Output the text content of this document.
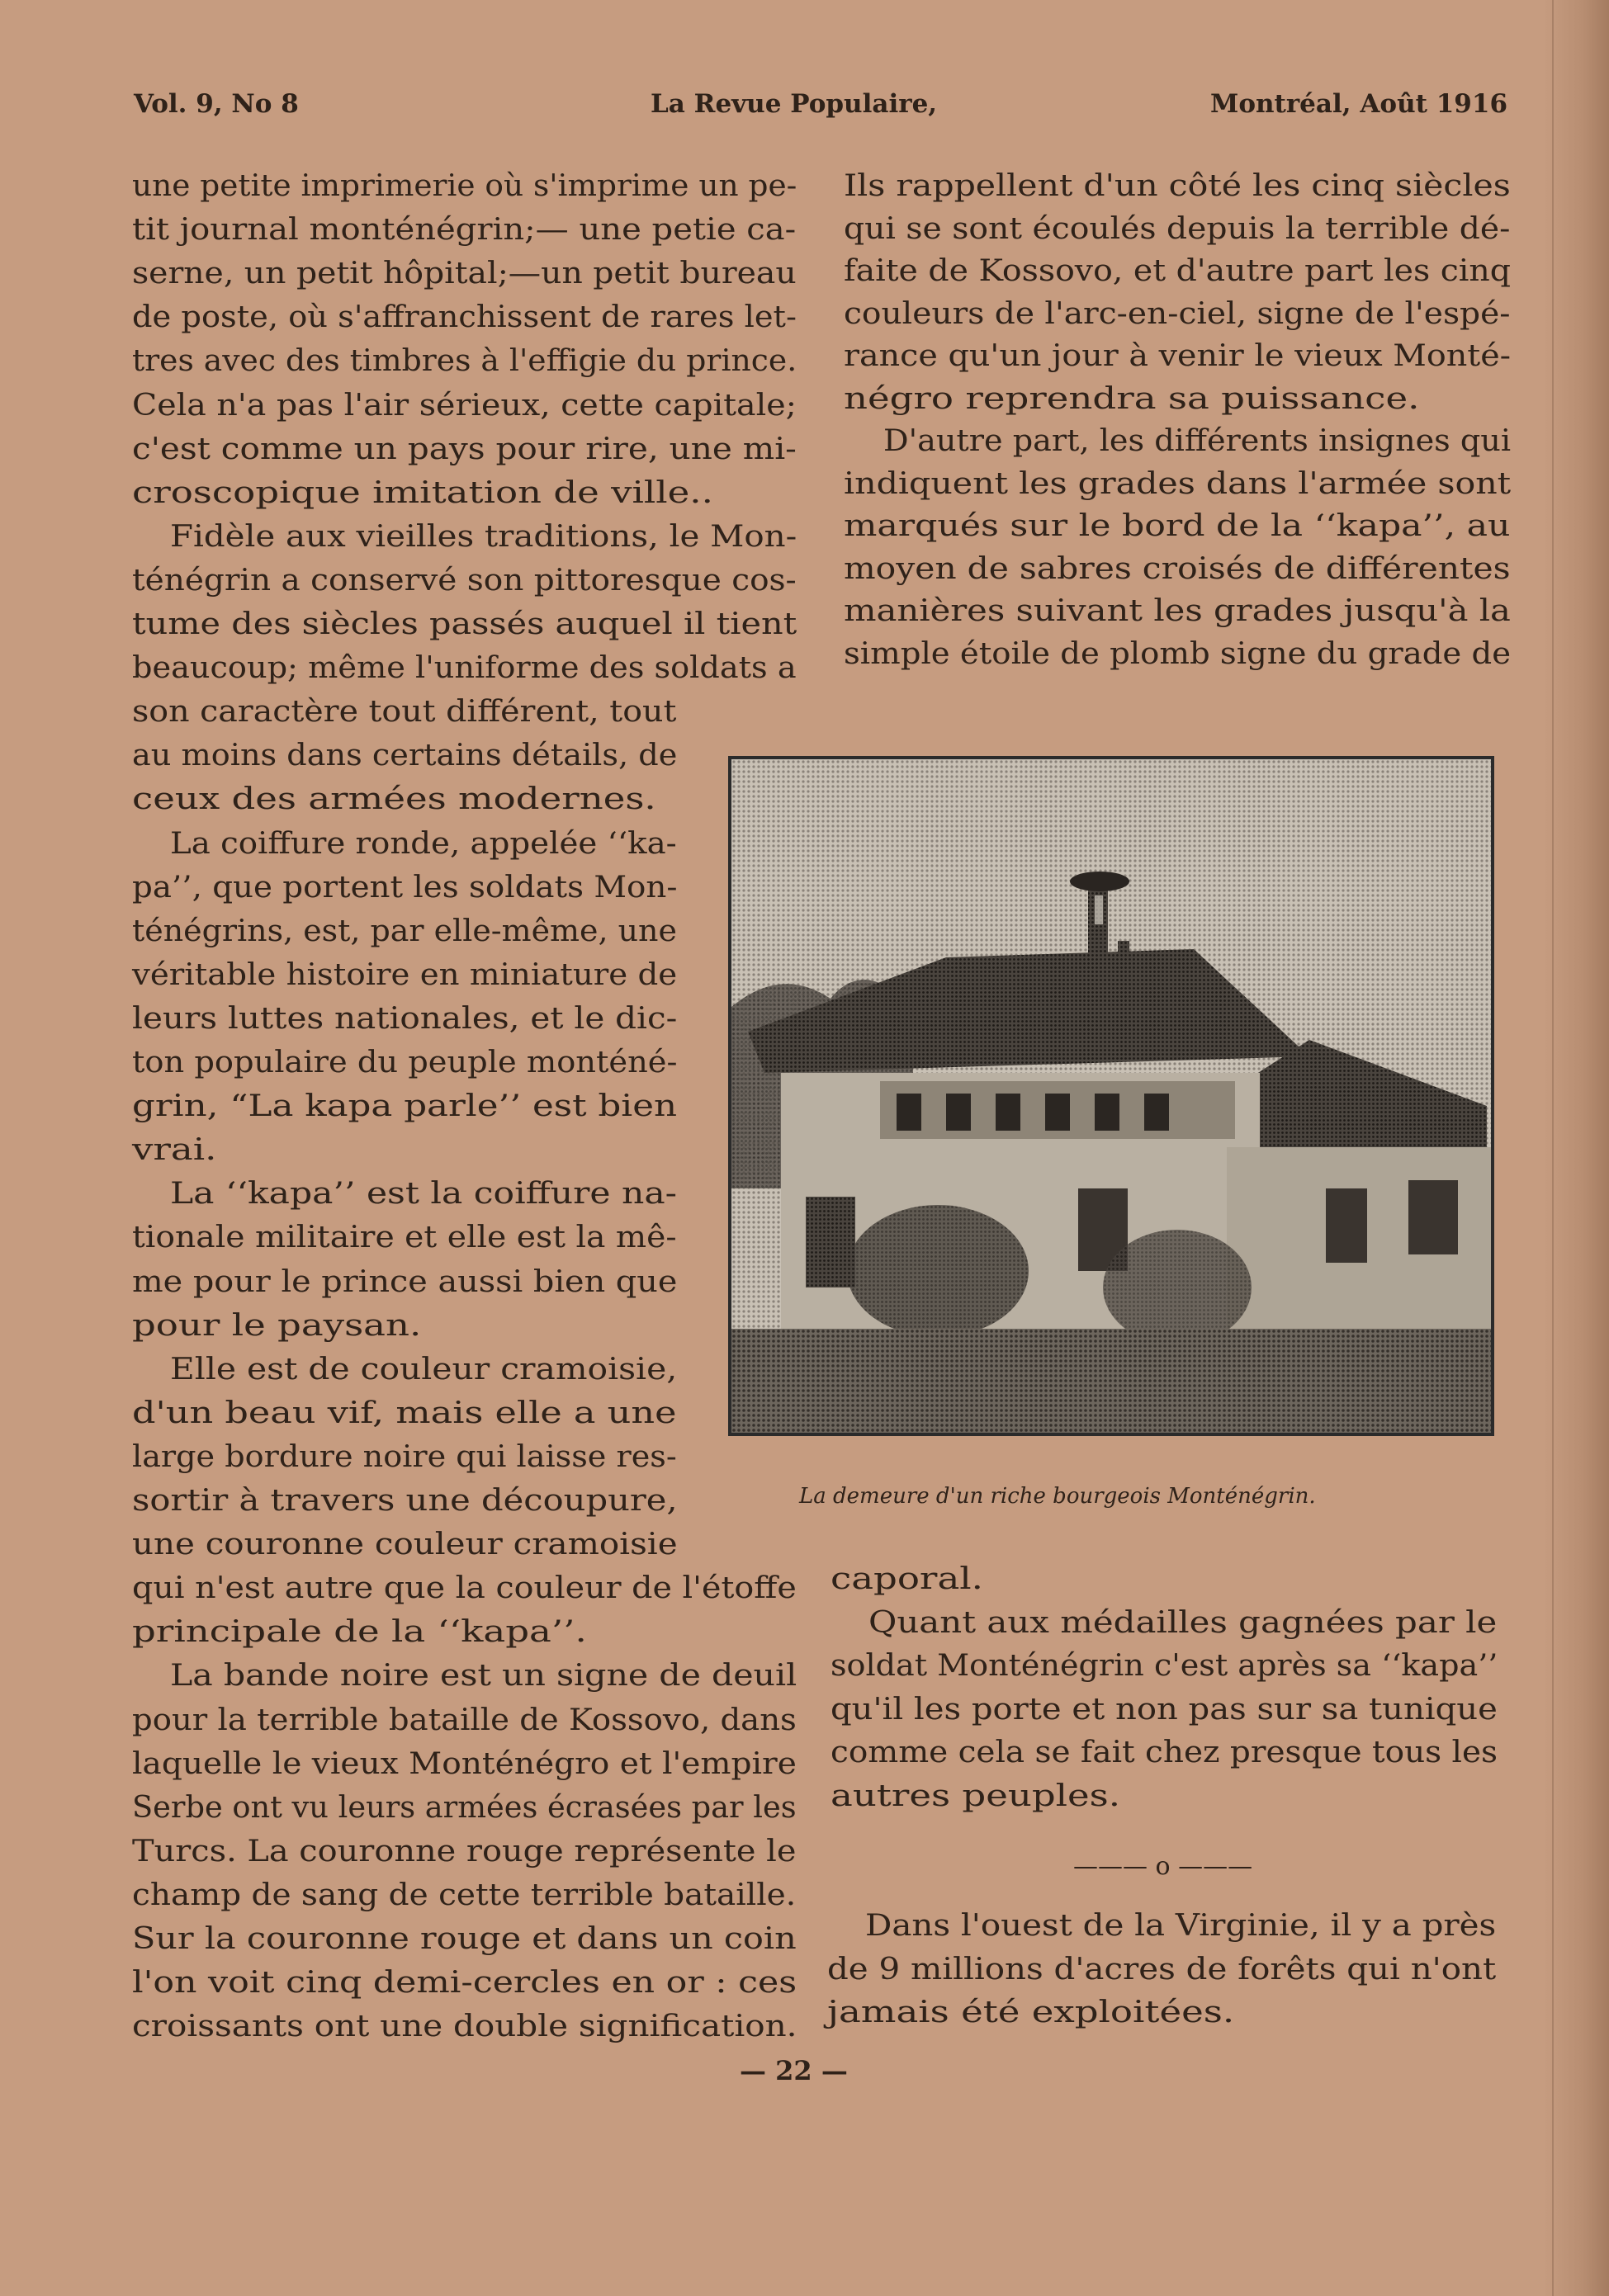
Vol. 9, No 8	La Revue Populaire,	Montréal, Août 1916
une petite imprimerie où s'imprime un pe-
tit journal monténégrin;— une petie ca-
serne, un petit hôpital;—un petit bureau
de poste, où s'affranchissent de rares let-
tres avec des timbres à l'effigie du prince.
Cela n'a pas l'air sérieux, cette capitale;
c'est comme un pays pour rire, une mi-
croscopique imitation de ville..
Fidèle aux vieilles traditions, le Mon-
ténégrin a conservé son pittoresque cos-
tume des siècles passés auquel il tient
beaucoup; même l'uniforme des soldats a
son caractère tout différent, tout
au moins dans certains détails, de
ceux des armées modernes.
La coiffure ronde, appelée ‘‘ka-
pa’’, que portent les soldats Mon-
ténégrins, est, par elle-même, une
véritable histoire en miniature de
leurs luttes nationales, et le dic-
ton populaire du peuple monténé-
grin, “La kapa parle’’ est bien
vrai.
La ‘‘kapa’’ est la coiffure na-
tionale militaire et elle est la mê-
me pour le prince aussi bien que
pour le paysan.
Elle est de couleur cramoisie,
d'un beau vif, mais elle a une
large bordure noire qui laisse res-
sortir à travers une découpure,
une couronne couleur cramoisie
qui n'est autre que la couleur de l'étoffe
principale de la ‘‘kapa’’.
La bande noire est un signe de deuil
pour la terrible bataille de Kossovo, dans
laquelle le vieux Monténégro et l'empire
Serbe ont vu leurs armées écrasées par les
Turcs. La couronne rouge représente le
champ de sang de cette terrible bataille.
Sur la couronne rouge et dans un coin
l'on voit cinq demi-cercles en or : ces
croissants ont une double signification.
Ils rappellent d'un côté les cinq siècles
qui se sont écoulés depuis la terrible dé-
faite de Kossovo, et d'autre part les cinq
couleurs de l'arc-en-ciel, signe de l'espé-
rance qu'un jour à venir le vieux Monté-
négro reprendra sa puissance.
D'autre part, les différents insignes qui
indiquent les grades dans l'armée sont
marqués sur le bord de la ‘‘kapa’’, au
moyen de sabres croisés de différentes
manières suivant les grades jusqu'à la
simple étoile de plomb signe du grade de
La demeure d'un riche bourgeois Monténégrin.
caporal.
Quant aux médailles gagnées par le
soldat Monténégrin c'est après sa ‘‘kapa’’
qu'il les porte et non pas sur sa tunique
comme cela se fait chez presque tous les
autres peuples.
——— o ———
Dans l'ouest de la Virginie, il y a près
de 9 millions d'acres de forêts qui n'ont
jamais été exploitées.
— 22 —
